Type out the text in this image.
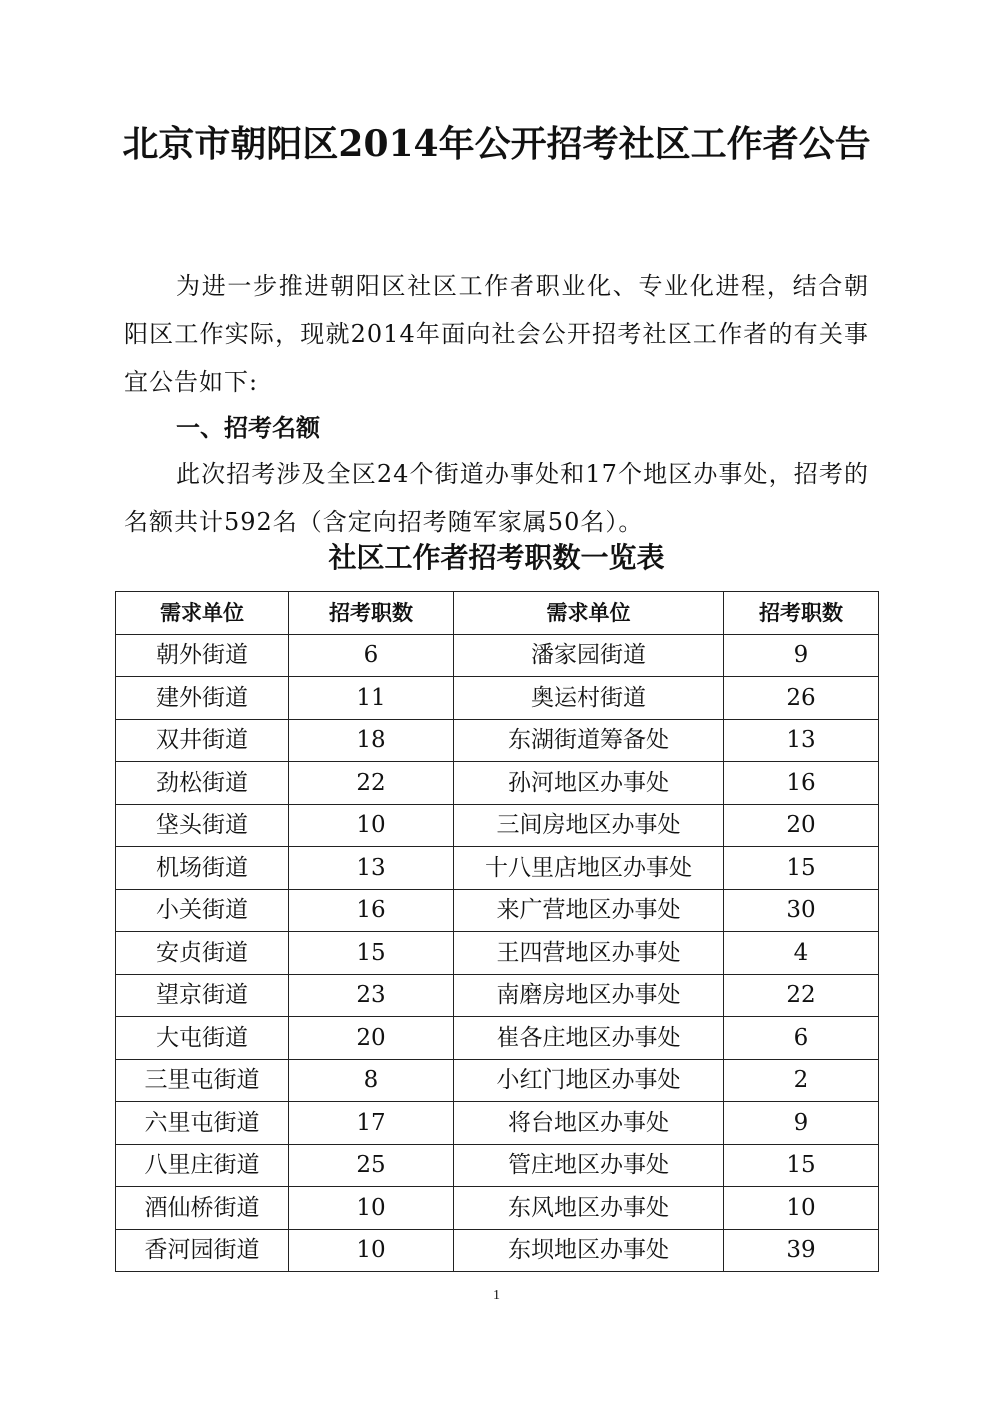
北京市朝阳区2014年公开招考社区工作者公告
为进一步推进朝阳区社区工作者职业化、专业化进程，结合朝阳区工作实际，现就2014年面向社会公开招考社区工作者的有关事宜公告如下:
一、招考名额
此次招考涉及全区24个街道办事处和17个地区办事处，招考的名额共计592名（含定向招考随军家属50名）。
社区工作者招考职数一览表
需求单位	招考职数	需求单位	招考职数
朝外街道	6	潘家园街道	9
建外街道	11	奥运村街道	26
双井街道	18	东湖街道筹备处	13
劲松街道	22	孙河地区办事处	16
垡头街道	10	三间房地区办事处	20
机场街道	13	十八里店地区办事处	15
小关街道	16	来广营地区办事处	30
安贞街道	15	王四营地区办事处	4
望京街道	23	南磨房地区办事处	22
大屯街道	20	崔各庄地区办事处	6
三里屯街道	8	小红门地区办事处	2
六里屯街道	17	将台地区办事处	9
八里庄街道	25	管庄地区办事处	15
酒仙桥街道	10	东风地区办事处	10
香河园街道	10	东坝地区办事处	39
1
